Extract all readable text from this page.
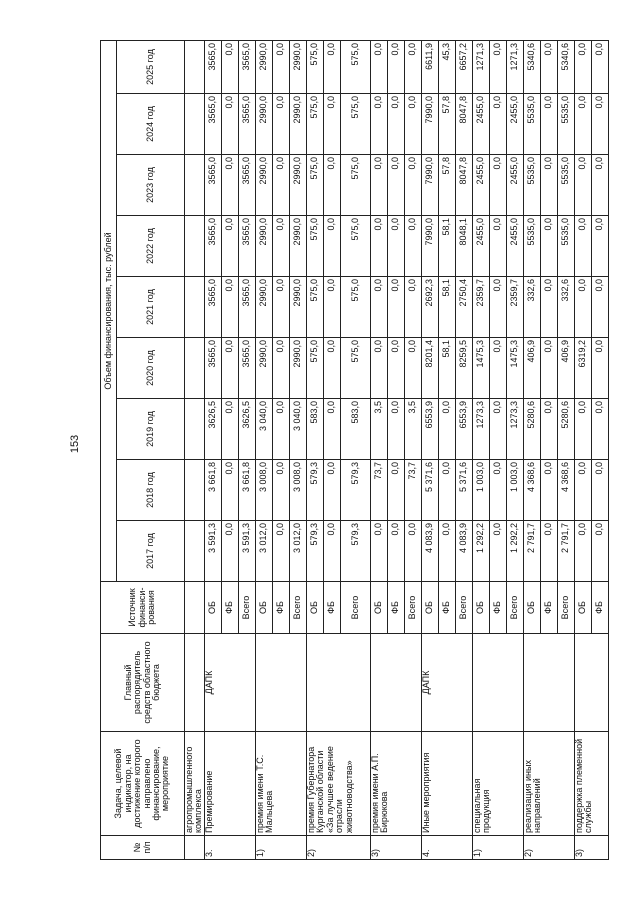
153
№ п/п	Задача, целевой индикатор, на достижение которого направлено финансирование, мероприятие	Главный распорядитель средств областного бюджета	Источник финанси-рования	Объем финансирования, тыс. рублей								
				2017 год	2018 год	2019 год	2020 год	2021 год	2022 год	2023 год	2024 год	2025 год
	агропромышленного комплекса											
3.	Премирование	ДАПК	ОБ	3 591,3	3 661,8	3626,5	3565,0	3565,0	3565,0	3565,0	3565,0	3565,0
			ФБ	0,0	0,0	0,0	0,0	0,0	0,0	0,0	0,0	0,0
			Всего	3 591,3	3 661,8	3626,5	3565,0	3565,0	3565,0	3565,0	3565,0	3565,0
1)	премия имени Т.С. Мальцева		ОБ	3 012,0	3 008,0	3 040,0	2990,0	2990,0	2990,0	2990,0	2990,0	2990,0
			ФБ	0,0	0,0	0,0	0,0	0,0	0,0	0,0	0,0	0,0
			Всего	3 012,0	3 008,0	3 040,0	2990,0	2990,0	2990,0	2990,0	2990,0	2990,0
2)	премия Губернатора Курганской области «За лучшее ведение отрасли животноводства»		ОБ	579,3	579,3	583,0	575,0	575,0	575,0	575,0	575,0	575,0
			ФБ	0,0	0,0	0,0	0,0	0,0	0,0	0,0	0,0	0,0
			Всего	579,3	579,3	583,0	575,0	575,0	575,0	575,0	575,0	575,0
3)	премия имени А.П. Бирюкова		ОБ	0,0	73,7	3,5	0,0	0,0	0,0	0,0	0,0	0,0
			ФБ	0,0	0,0	0,0	0,0	0,0	0,0	0,0	0,0	0,0
			Всего	0,0	73,7	3,5	0,0	0,0	0,0	0,0	0,0	0,0
4.	Иные мероприятия	ДАПК	ОБ	4 083,9	5 371,6	6553,9	8201,4	2692,3	7990,0	7990,0	7990,0	6611,9
			ФБ	0,0	0,0	0,0	58,1	58,1	58,1	57,8	57,8	45,3
			Всего	4 083,9	5 371,6	6553,9	8259,5	2750,4	8048,1	8047,8	8047,8	6657,2
1)	специальная продукция		ОБ	1 292,2	1 003,0	1273,3	1475,3	2359,7	2455,0	2455,0	2455,0	1271,3
			ФБ	0,0	0,0	0,0	0,0	0,0	0,0	0,0	0,0	0,0
			Всего	1 292,2	1 003,0	1273,3	1475,3	2359,7	2455,0	2455,0	2455,0	1271,3
2)	реализация иных направлений		ОБ	2 791,7	4 368,6	5280,6	406,9	332,6	5535,0	5535,0	5535,0	5340,6
			ФБ	0,0	0,0	0,0	0,0	0,0	0,0	0,0	0,0	0,0
			Всего	2 791,7	4 368,6	5280,6	406,9	332,6	5535,0	5535,0	5535,0	5340,6
3)	поддержка племенной службы		ОБ	0,0	0,0	0,0	6319,2	0,0	0,0	0,0	0,0	0,0
			ФБ	0,0	0,0	0,0	0,0	0,0	0,0	0,0	0,0	0,0
